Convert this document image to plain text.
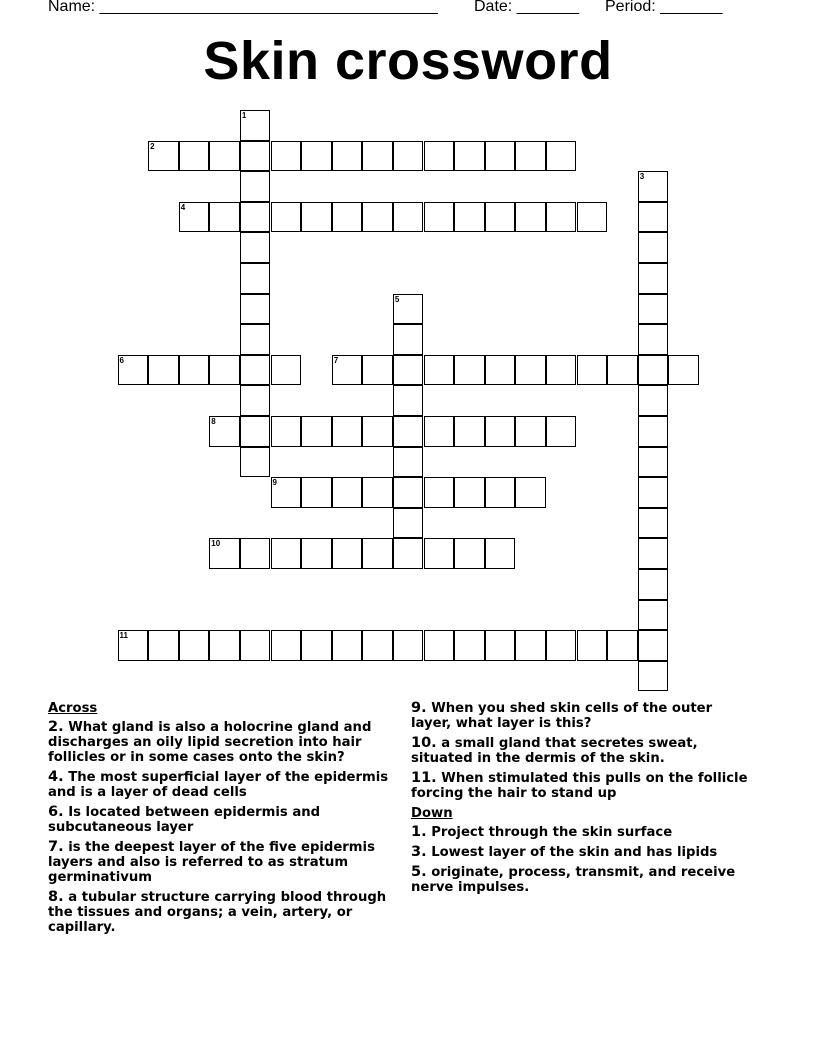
Name: ______________________________________ Date: _______ Period: _______
Skin crossword
1
2
3
4
5
6	7
8
9
10
11
Across
2. What gland is also a holocrine gland and discharges an oily lipid secretion into hair follicles or in some cases onto the skin?
4. The most superficial layer of the epidermis and is a layer of dead cells
6. Is located between epidermis and subcutaneous layer
7. is the deepest layer of the five epidermis layers and also is referred to as stratum germinativum
8. a tubular structure carrying blood through the tissues and organs; a vein, artery, or capillary.
9. When you shed skin cells of the outer layer, what layer is this?
10. a small gland that secretes sweat, situated in the dermis of the skin.
11. When stimulated this pulls on the follicle forcing the hair to stand up
Down
1. Project through the skin surface
3. Lowest layer of the skin and has lipids
5. originate, process, transmit, and receive nerve impulses.
